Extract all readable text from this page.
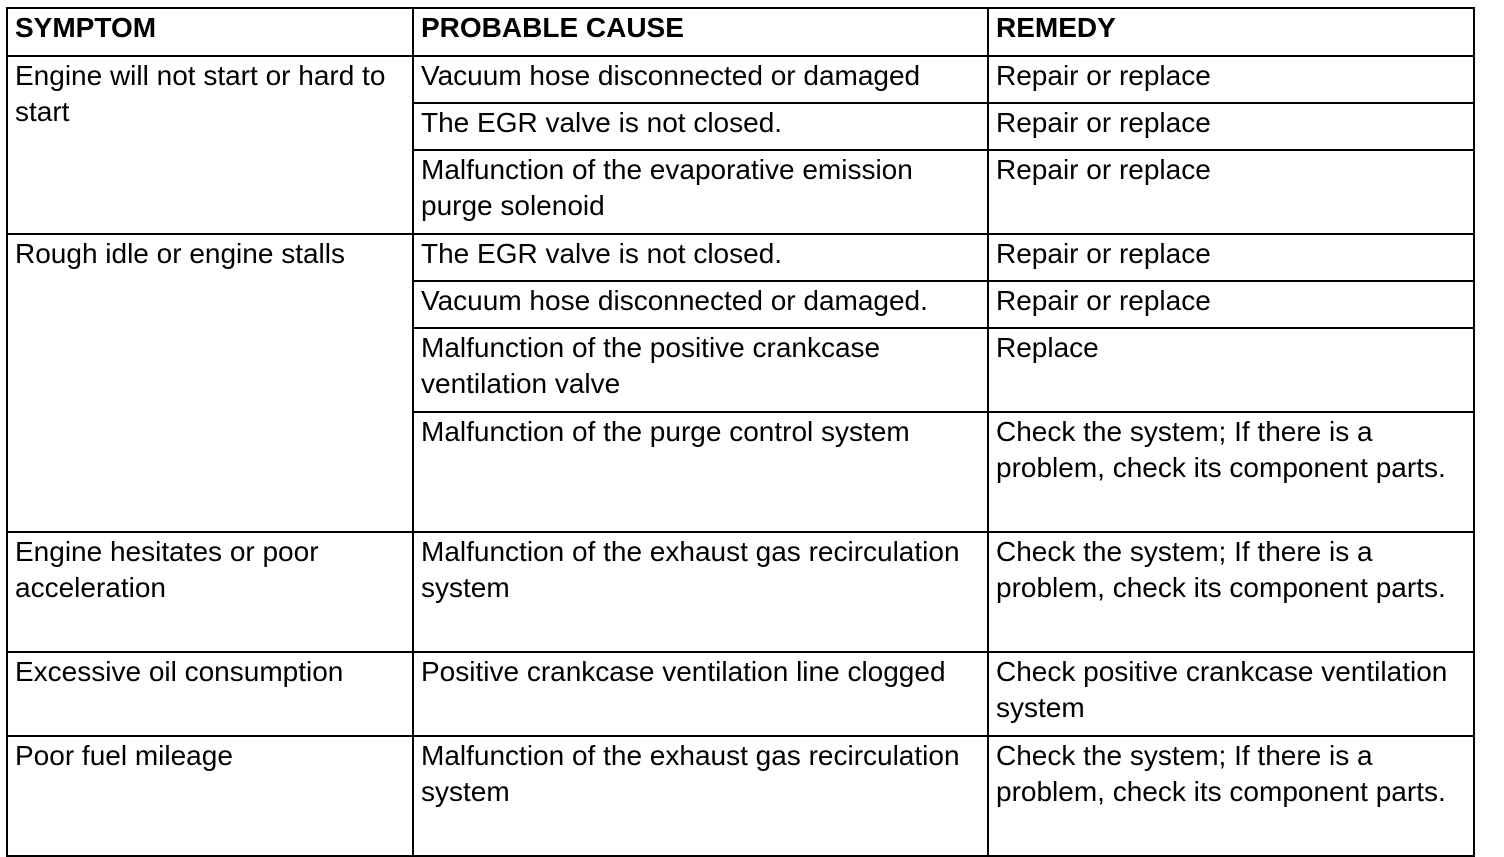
SYMPTOM	PROBABLE CAUSE	REMEDY
Engine will not start or hard to start	Vacuum hose disconnected or damaged	Repair or replace
	The EGR valve is not closed.	Repair or replace
	Malfunction of the evaporative emission purge solenoid	Repair or replace
Rough idle or engine stalls	The EGR valve is not closed.	Repair or replace
	Vacuum hose disconnected or damaged.	Repair or replace
	Malfunction of the positive crankcase ventilation valve	Replace
	Malfunction of the purge control system	Check the system; If there is a problem, check its component parts.
Engine hesitates or poor acceleration	Malfunction of the exhaust gas recirculation system	Check the system; If there is a problem, check its component parts.
Excessive oil consumption	Positive crankcase ventilation line clogged	Check positive crankcase ventilation system
Poor fuel mileage	Malfunction of the exhaust gas recirculation system	Check the system; If there is a problem, check its component parts.
